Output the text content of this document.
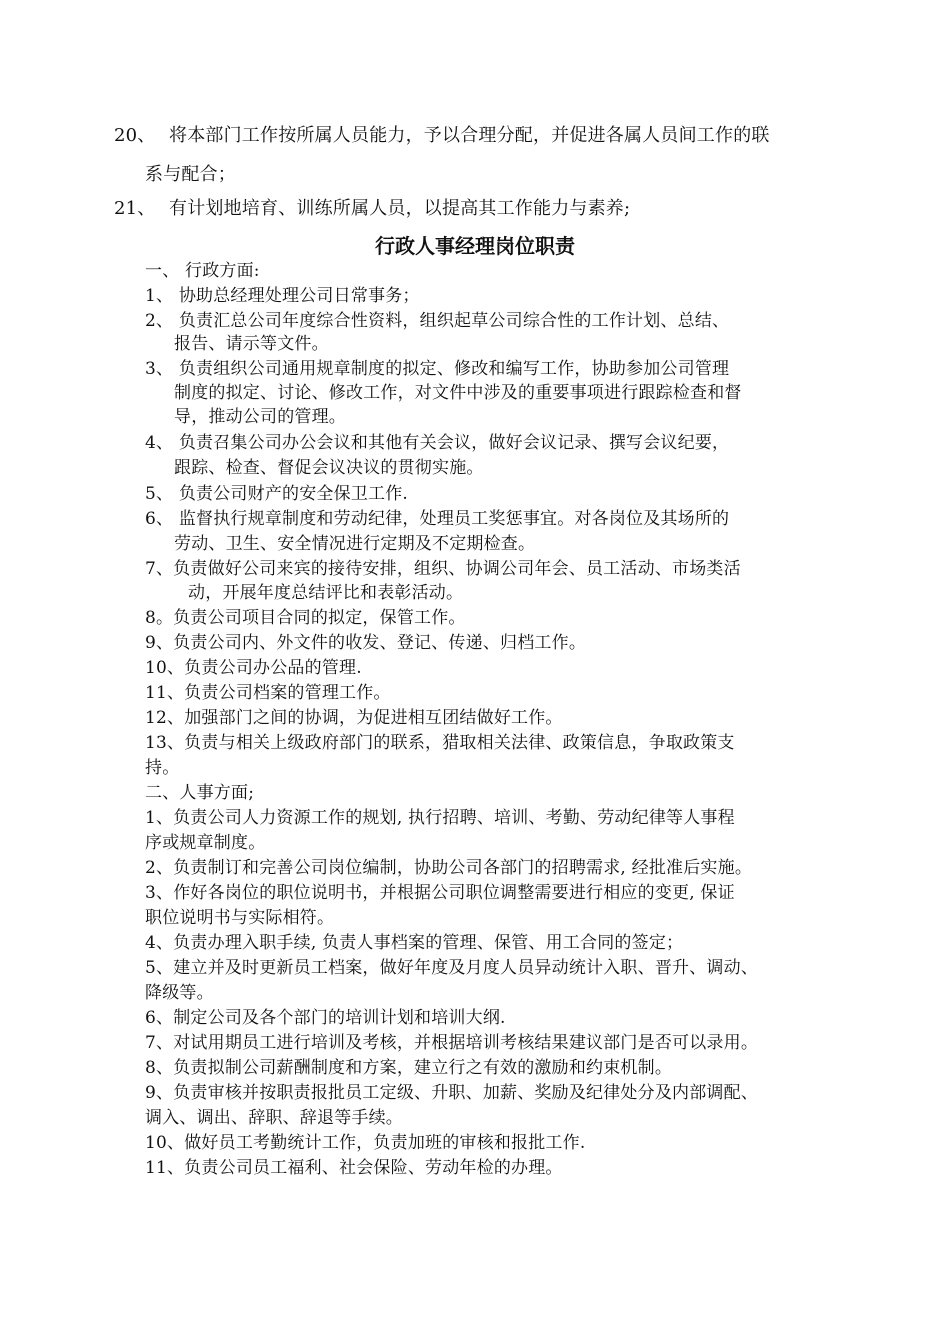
20、 将本部门工作按所属人员能力，予以合理分配，并促进各属人员间工作的联
系与配合；
21、 有计划地培育、训练所属人员，以提高其工作能力与素养;
行政人事经理岗位职责
一、 行政方面:
1、 协助总经理处理公司日常事务；
2、 负责汇总公司年度综合性资料，组织起草公司综合性的工作计划、总结、
报告、请示等文件。
3、 负责组织公司通用规章制度的拟定、修改和编写工作，协助参加公司管理
制度的拟定、讨论、修改工作，对文件中涉及的重要事项进行跟踪检查和督
导，推动公司的管理。
4、 负责召集公司办公会议和其他有关会议，做好会议记录、撰写会议纪要，
跟踪、检查、督促会议决议的贯彻实施。
5、 负责公司财产的安全保卫工作.
6、 监督执行规章制度和劳动纪律，处理员工奖惩事宜。对各岗位及其场所的
劳动、卫生、安全情况进行定期及不定期检查。
7、负责做好公司来宾的接待安排，组织、协调公司年会、员工活动、市场类活
动，开展年度总结评比和表彰活动。
8。负责公司项目合同的拟定，保管工作。
9、负责公司内、外文件的收发、登记、传递、归档工作。
10、负责公司办公品的管理.
11、负责公司档案的管理工作。
12、加强部门之间的协调，为促进相互团结做好工作。
13、负责与相关上级政府部门的联系，猎取相关法律、政策信息，争取政策支
持。
二、人事方面;
1、负责公司人力资源工作的规划, 执行招聘、培训、考勤、劳动纪律等人事程
序或规章制度。
2、负责制订和完善公司岗位编制，协助公司各部门的招聘需求, 经批准后实施。
3、作好各岗位的职位说明书，并根据公司职位调整需要进行相应的变更, 保证
职位说明书与实际相符。
4、负责办理入职手续, 负责人事档案的管理、保管、用工合同的签定；
5、建立并及时更新员工档案，做好年度及月度人员异动统计入职、晋升、调动、
降级等。
6、制定公司及各个部门的培训计划和培训大纲.
7、对试用期员工进行培训及考核，并根据培训考核结果建议部门是否可以录用。
8、负责拟制公司薪酬制度和方案，建立行之有效的激励和约束机制。
9、负责审核并按职责报批员工定级、升职、加薪、奖励及纪律处分及内部调配、
调入、调出、辞职、辞退等手续。
10、做好员工考勤统计工作，负责加班的审核和报批工作.
11、负责公司员工福利、社会保险、劳动年检的办理。
